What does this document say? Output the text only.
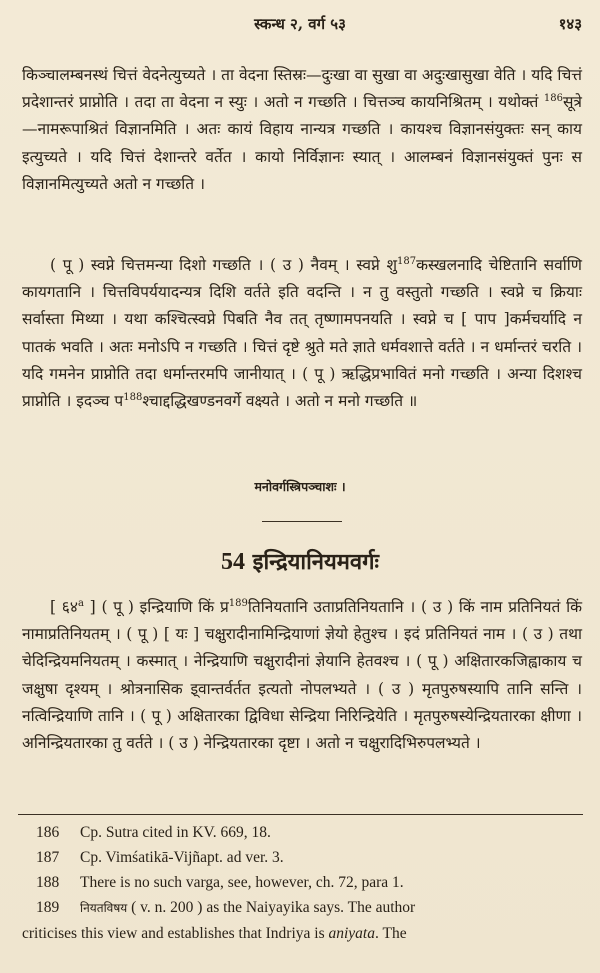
स्कन्ध २, वर्ग ५३	१४३

किञ्चालम्बनस्थं चित्तं वेदनेत्युच्यते । ता वेदना स्तिस्रः—दुःखा वा सुखा वा अदुःखासुखा वेति । यदि चित्तं प्रदेशान्तरं प्राप्नोति । तदा ता वेदना न स्युः । अतो न गच्छति । चित्तञ्च कायनिश्रितम् । यथोक्तं $^{186}$सूत्रे—नामरूपाश्रितं विज्ञानमिति । अतः कायं विहाय नान्यत्र गच्छति । कायश्च विज्ञानसंयुक्तः सन् काय इत्युच्यते । यदि चित्तं देशान्तरे वर्तेत । कायो निर्विज्ञानः स्यात् । आलम्बनं विज्ञानसंयुक्तं पुनः स विज्ञानमित्युच्यते अतो न गच्छति ।

( पू ) स्वप्ने चित्तमन्या दिशो गच्छति । ( उ ) नैवम् । स्वप्ने शु$^{187}$कस्खलनादि चेष्टितानि सर्वाणि कायगतानि । चित्तविपर्ययादन्यत्र दिशि वर्तते इति वदन्ति । न तु वस्तुतो गच्छति । स्वप्ने च क्रियाः सर्वास्ता मिथ्या । यथा कश्चित्स्वप्ने पिबति नैव तत् तृष्णामपनयति । स्वप्ने च [ पाप ]कर्मचर्यादि न पातकं भवति । अतः मनोऽपि न गच्छति । चित्तं दृष्टे श्रुते मते ज्ञाते धर्मवशात्ते वर्तते । न धर्मान्तरं चरति । यदि गमनेन प्राप्नोति तदा धर्मान्तरमपि जानीयात् । ( पू ) ऋद्धिप्रभावितं मनो गच्छति । अन्या दिशश्च प्राप्नोति । इदञ्च प$^{188}$श्चाद्दद्धिखण्डनवर्गे वक्ष्यते । अतो न मनो गच्छति ॥

मनोवर्गस्त्रिपञ्चाशः ।
54 इन्द्रियानियमवर्गः

[ ६४$^a$ ] ( पू ) इन्द्रियाणि किं प्र$^{189}$तिनियतानि उताप्रतिनियतानि । ( उ ) किं नाम प्रतिनियतं किं नामाप्रतिनियतम् । ( पू ) [ यः ] चक्षुरादीनामिन्द्रियाणां ज्ञेयो हेतुश्च । इदं प्रतिनियतं नाम । ( उ ) तथा चेदिन्द्रियमनियतम् । कस्मात् । नेन्द्रियाणि चक्षुरादीनां ज्ञेयानि हेतवश्च । ( पू ) अक्षितारकजिह्वाकाय च जक्षुषा दृश्यम् । श्रोत्रनासिक इ्वान्तर्वर्तत इत्यतो नोपलभ्यते । ( उ ) मृतपुरुषस्यापि तानि सन्ति । नत्विन्द्रियाणि तानि । ( पू ) अक्षितारका द्विविधा सेन्द्रिया निरिन्द्रियेति । मृतपुरुषस्येन्द्रियतारका क्षीणा । अनिन्द्रियतारका तु वर्तते । ( उ ) नेन्द्रियतारका दृष्टा । अतो न चक्षुरादिभिरुपलभ्यते ।

186	Cp. Sutra cited in KV. 669, 18.
187	Cp. Vimśatikā-Vijñapt. ad ver. 3.
188	There is no such varga, see, however, ch. 72, para 1.
189	नियतविषय ( v. n. 200 ) as the Naiyayika says. The author
criticises this view and establishes that Indriya is aniyata. The
